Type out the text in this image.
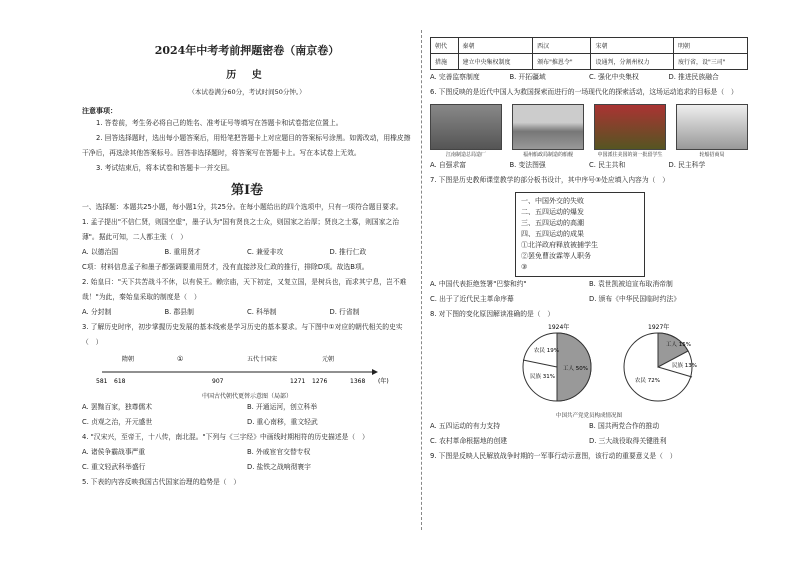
2024年中考考前押题密卷（南京卷）
历 史
（本试卷满分60分，考试时间50分钟。）
注意事项：
1. 答卷前，考生务必将自己的姓名、准考证号等填写在答题卡和试卷指定位置上。
2. 回答选择题时，选出每小题答案后，用铅笔把答题卡上对应题目的答案标号涂黑。如需改动，用橡皮擦干净后，再选涂其他答案标号。回答非选择题时，将答案写在答题卡上。写在本试卷上无效。
3. 考试结束后，将本试卷和答题卡一并交回。
第Ⅰ卷
一、选择题：本题共25小题，每小题1分，共25分。在每小题给出的四个选项中，只有一项符合题目要求。
1. 孟子提出"不信仁贤，则国空虚"，墨子认为"国有贤良之士众，则国家之治厚；贤良之士寡，则国家之治薄"。据此可知，二人都主张（　）
A. 以德治国	B. 重用贤才	C. 兼爱非攻	D. 推行仁政
C项：材料信息孟子和墨子都强调要重用贤才，没有直接涉及仁政的推行，排除D项。故选B项。
2. 始皇曰："天下共苦战斗不休，以有侯王。赖宗庙，天下初定，又复立国，是树兵也，而求其宁息，岂不难哉！"为此，秦始皇采取的制度是（　）
A. 分封制	B. 郡县制	C. 科举制	D. 行省制
3. 了解历史时序，初步掌握历史发展的基本线索是学习历史的基本要求。与下图中①对应的朝代相关的史实（　）
隋朝	①	五代十国宋	元朝
581 618	907	1271 1276	1368 (年)
中国古代朝代更替示意图（局部）
A. 罢黜百家，独尊儒术	B. 开通运河，创立科举
C. 贞观之治，开元盛世	D. 重心南移，重文轻武
4. "汉宋兴，至帝王，十八传，南北混。"下列与《三字经》中画线时期相符的历史描述是（　）
A. 诸侯争霸战事严重	B. 外戚宦官交替专权
C. 重文轻武科举盛行	D. 盐铁之战响彻寰宇
5. 下表的内容反映我国古代国家治理的趋势是（　）
朝代	秦朝	西汉	宋朝	明朝
措施	建立中央集权制度	颁布"推恩令"	设通判，分割州权力	废行省，设"三司"
A. 完善监察制度	B. 开拓疆域	C. 强化中央集权	D. 推进民族融合
6. 下图反映的是近代中国人为救国探索而进行的一场现代化的探索活动，这场运动追求的目标是（　）
江南制造总局造厂	福州船政局制造的船舰	中国派往美国的第一批留学生	轮船招商局
A. 自强求富	B. 变法图强	C. 民主共和	D. 民主科学
7. 下图是历史教师课堂教学的部分板书设计，其中序号③处应填入内容为（　）
一、中国外交的失败
二、五四运动的爆发
三、五四运动的高潮
四、五四运动的成果
①北洋政府释放被捕学生
②罢免曹汝霖等人职务
③
A. 中国代表拒绝签署"巴黎和约"	B. 袁世凯被迫宣布取消帝制
C. 出于了近代民主革命序幕	D. 颁布《中华民国临时约法》
8. 对下图的变化原因解读准确的是（　）
1924年
农民 19%
民族 31%
工人 50%
1927年
工人 15%
民族 13%
农民 72%
中国共产党党员构成情况图
A. 五四运动的有力支持	B. 国共两党合作的推动
C. 农村革命根据地的创建	D. 三大战役取得关键胜利
9. 下图是反映人民解放战争时期的一军事行动示意图，该行动的重要意义是（　）
